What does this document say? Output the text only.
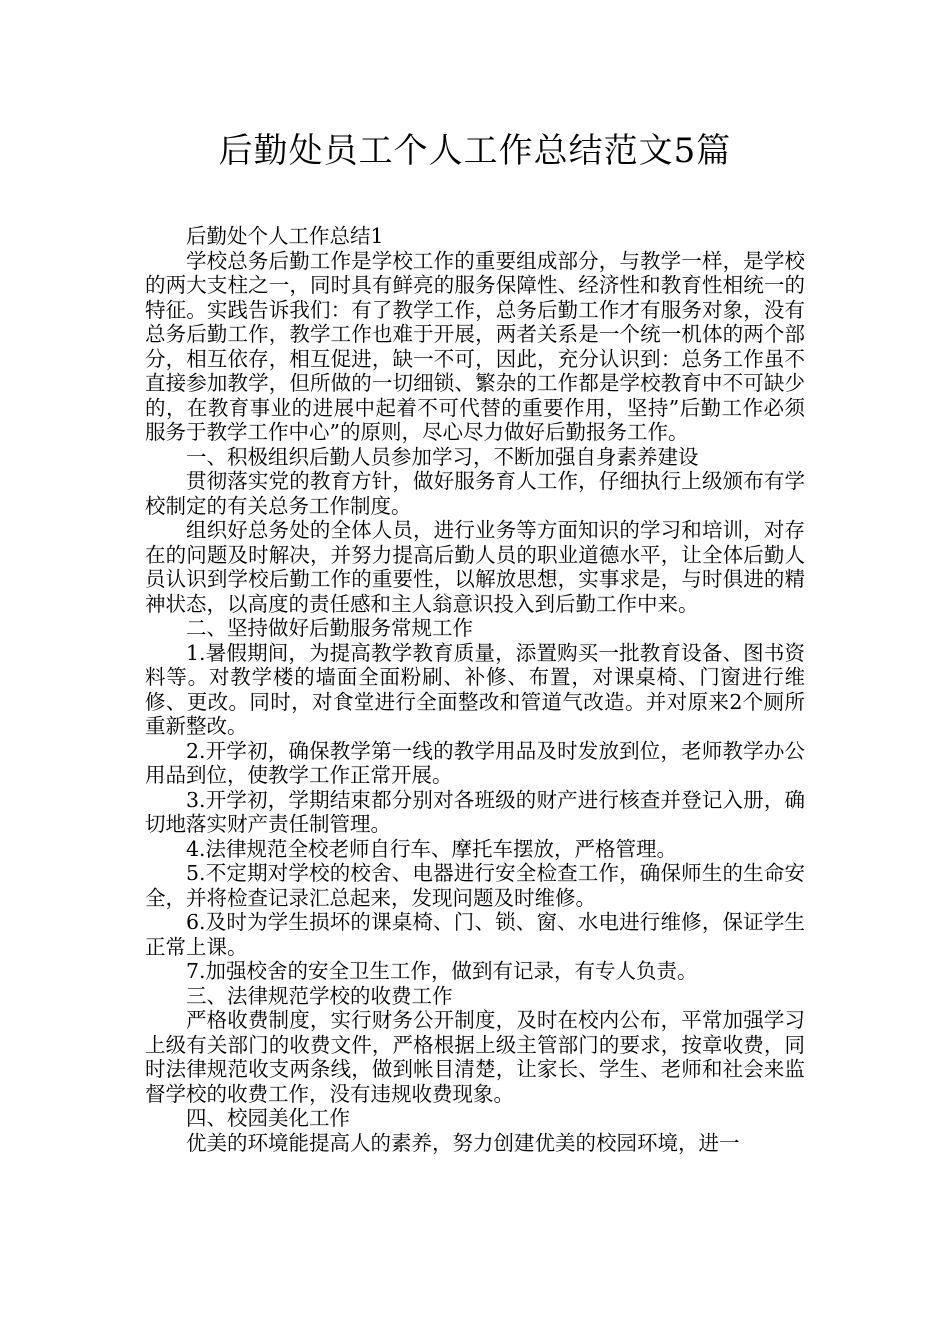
后勤处员工个人工作总结范文5篇

后勤处个人工作总结1

学校总务后勤工作是学校工作的重要组成部分，与教学一样，是学校的两大支柱之一，同时具有鲜亮的服务保障性、经济性和教育性相统一的特征。实践告诉我们：有了教学工作，总务后勤工作才有服务对象，没有总务后勤工作，教学工作也难于开展，两者关系是一个统一机体的两个部分，相互依存，相互促进，缺一不可，因此，充分认识到：总务工作虽不直接参加教学，但所做的一切细锁、繁杂的工作都是学校教育中不可缺少的，在教育事业的进展中起着不可代替的重要作用，坚持”后勤工作必须服务于教学工作中心”的原则，尽心尽力做好后勤报务工作。

一、积极组织后勤人员参加学习，不断加强自身素养建设

贯彻落实党的教育方针，做好服务育人工作，仔细执行上级颁布有学校制定的有关总务工作制度。

组织好总务处的全体人员，进行业务等方面知识的学习和培训，对存在的问题及时解决，并努力提高后勤人员的职业道德水平，让全体后勤人员认识到学校后勤工作的重要性，以解放思想，实事求是，与时俱进的精神状态，以高度的责任感和主人翁意识投入到后勤工作中来。

二、坚持做好后勤服务常规工作

1.暑假期间，为提高教学教育质量，添置购买一批教育设备、图书资料等。对教学楼的墙面全面粉刷、补修、布置，对课桌椅、门窗进行维修、更改。同时，对食堂进行全面整改和管道气改造。并对原来2个厕所重新整改。

2.开学初，确保教学第一线的教学用品及时发放到位，老师教学办公用品到位，使教学工作正常开展。

3.开学初，学期结束都分别对各班级的财产进行核查并登记入册，确切地落实财产责任制管理。

4.法律规范全校老师自行车、摩托车摆放，严格管理。

5.不定期对学校的校舍、电器进行安全检查工作，确保师生的生命安全，并将检查记录汇总起来，发现问题及时维修。

6.及时为学生损坏的课桌椅、门、锁、窗、水电进行维修，保证学生正常上课。

7.加强校舍的安全卫生工作，做到有记录，有专人负责。

三、法律规范学校的收费工作

严格收费制度，实行财务公开制度，及时在校内公布，平常加强学习上级有关部门的收费文件，严格根据上级主管部门的要求，按章收费，同时法律规范收支两条线，做到帐目清楚，让家长、学生、老师和社会来监督学校的收费工作，没有违规收费现象。

四、校园美化工作

优美的环境能提高人的素养，努力创建优美的校园环境，进一
